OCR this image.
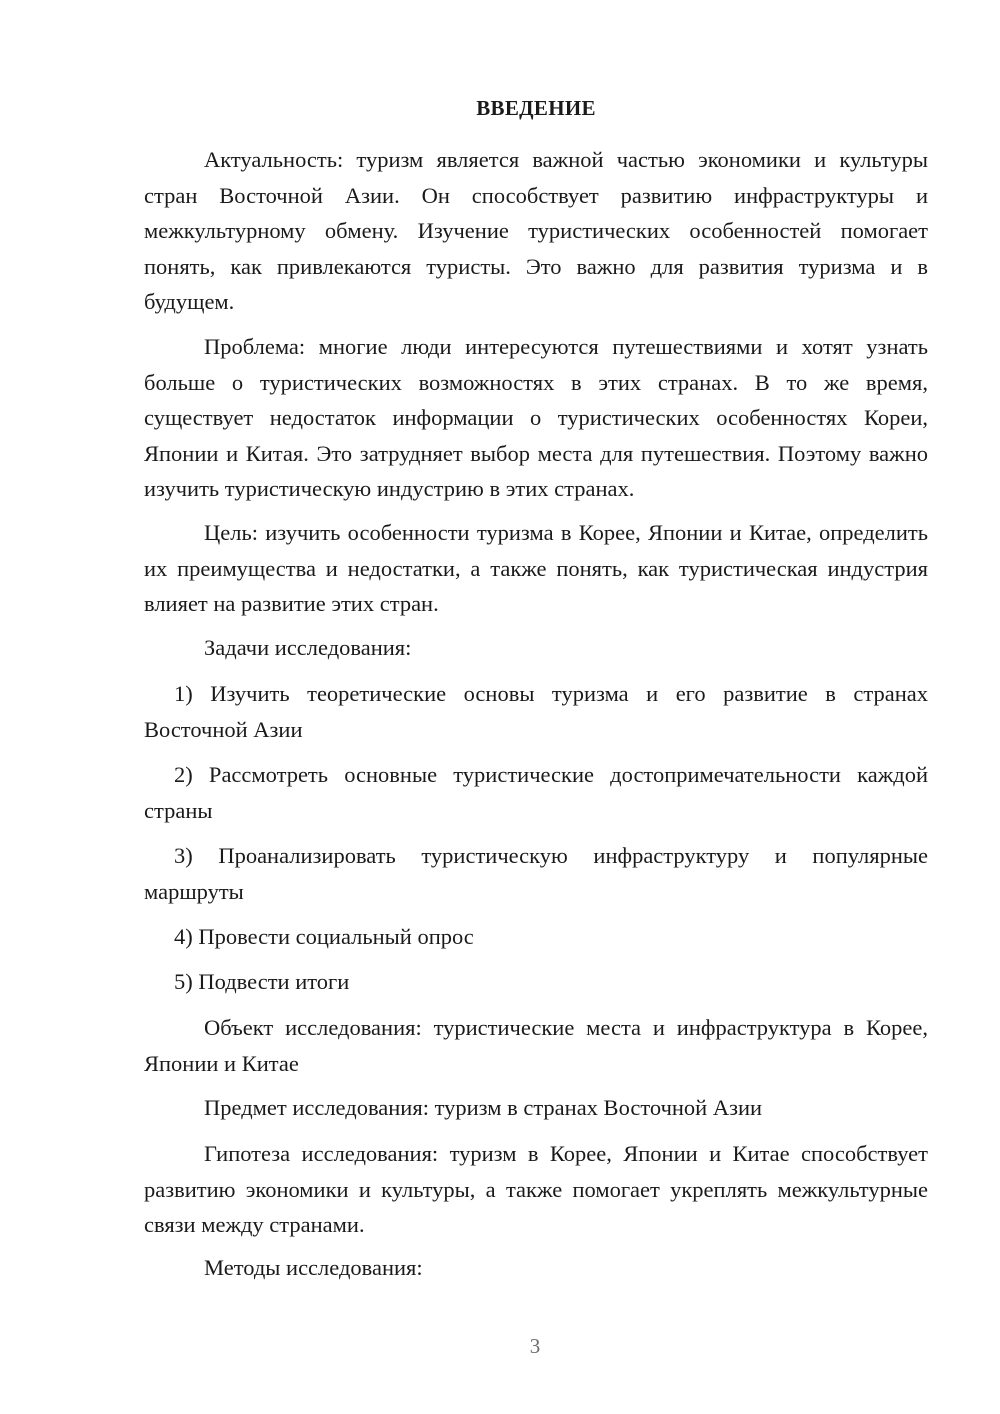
ВВЕДЕНИЕ

Актуальность: туризм является важной частью экономики и культуры стран Восточной Азии. Он способствует развитию инфраструктуры и межкультурному обмену. Изучение туристических особенностей помогает понять, как привлекаются туристы. Это важно для развития туризма и в будущем.

Проблема: многие люди интересуются путешествиями и хотят узнать больше о туристических возможностях в этих странах. В то же время, существует недостаток информации о туристических особенностях Кореи, Японии и Китая. Это затрудняет выбор места для путешествия. Поэтому важно изучить туристическую индустрию в этих странах.

Цель: изучить особенности туризма в Корее, Японии и Китае, определить их преимущества и недостатки, а также понять, как туристическая индустрия влияет на развитие этих стран.

Задачи исследования:

1) Изучить теоретические основы туризма и его развитие в странах Восточной Азии

2) Рассмотреть основные туристические достопримечательности каждой страны

3) Проанализировать туристическую инфраструктуру и популярные маршруты

4) Провести социальный опрос

5) Подвести итоги

Объект исследования: туристические места и инфраструктура в Корее, Японии и Китае

Предмет исследования: туризм в странах Восточной Азии

Гипотеза исследования: туризм в Корее, Японии и Китае способствует развитию экономики и культуры, а также помогает укреплять межкультурные связи между странами.

Методы исследования:

3
